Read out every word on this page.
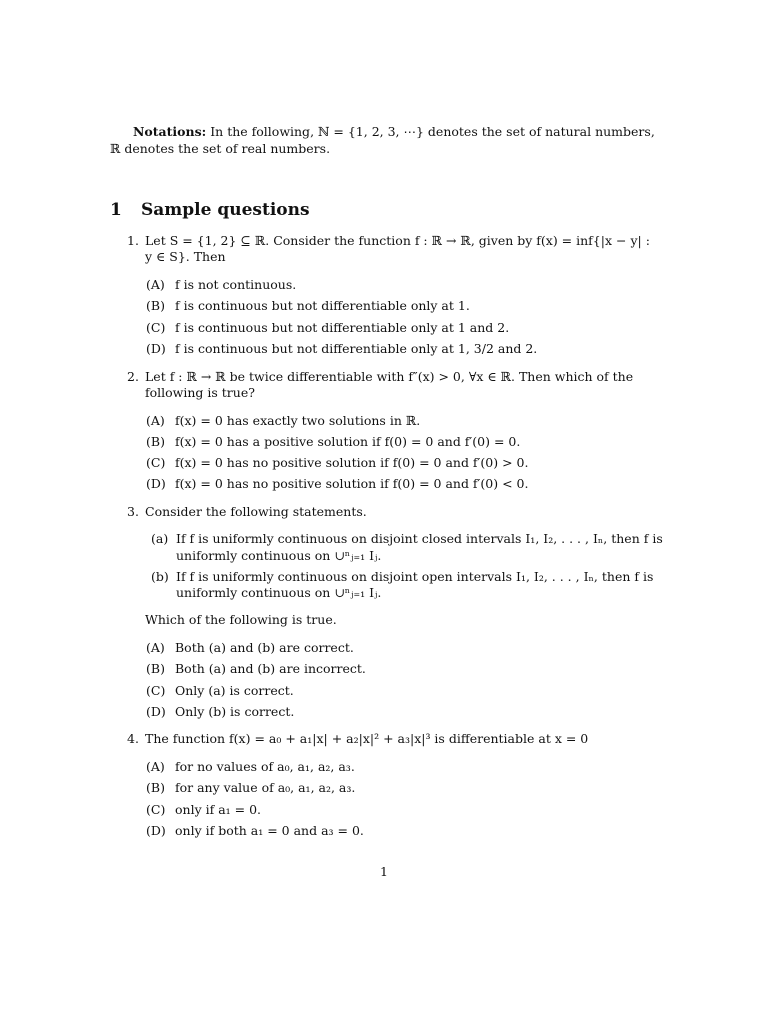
Notations: In the following, ℕ = {1, 2, 3, ⋯} denotes the set of natural numbers,
ℝ denotes the set of real numbers.
1 Sample questions
1. Let S = {1, 2} ⊆ ℝ. Consider the function f : ℝ → ℝ, given by f(x) = inf{|x − y| :
y ∈ S}. Then
(A) f is not continuous.
(B) f is continuous but not differentiable only at 1.
(C) f is continuous but not differentiable only at 1 and 2.
(D) f is continuous but not differentiable only at 1, 3/2 and 2.
2. Let f : ℝ → ℝ be twice differentiable with f″(x) > 0, ∀x ∈ ℝ. Then which of the
following is true?
(A) f(x) = 0 has exactly two solutions in ℝ.
(B) f(x) = 0 has a positive solution if f(0) = 0 and f′(0) = 0.
(C) f(x) = 0 has no positive solution if f(0) = 0 and f′(0) > 0.
(D) f(x) = 0 has no positive solution if f(0) = 0 and f′(0) < 0.
3. Consider the following statements.
(a) If f is uniformly continuous on disjoint closed intervals I₁, I₂, . . . , Iₙ, then f is
uniformly continuous on ∪ⁿⱼ₌₁ Iⱼ.
(b) If f is uniformly continuous on disjoint open intervals I₁, I₂, . . . , Iₙ, then f is
uniformly continuous on ∪ⁿⱼ₌₁ Iⱼ.
Which of the following is true.
(A) Both (a) and (b) are correct.
(B) Both (a) and (b) are incorrect.
(C) Only (a) is correct.
(D) Only (b) is correct.
4. The function f(x) = a₀ + a₁|x| + a₂|x|² + a₃|x|³ is differentiable at x = 0
(A) for no values of a₀, a₁, a₂, a₃.
(B) for any value of a₀, a₁, a₂, a₃.
(C) only if a₁ = 0.
(D) only if both a₁ = 0 and a₃ = 0.
1
